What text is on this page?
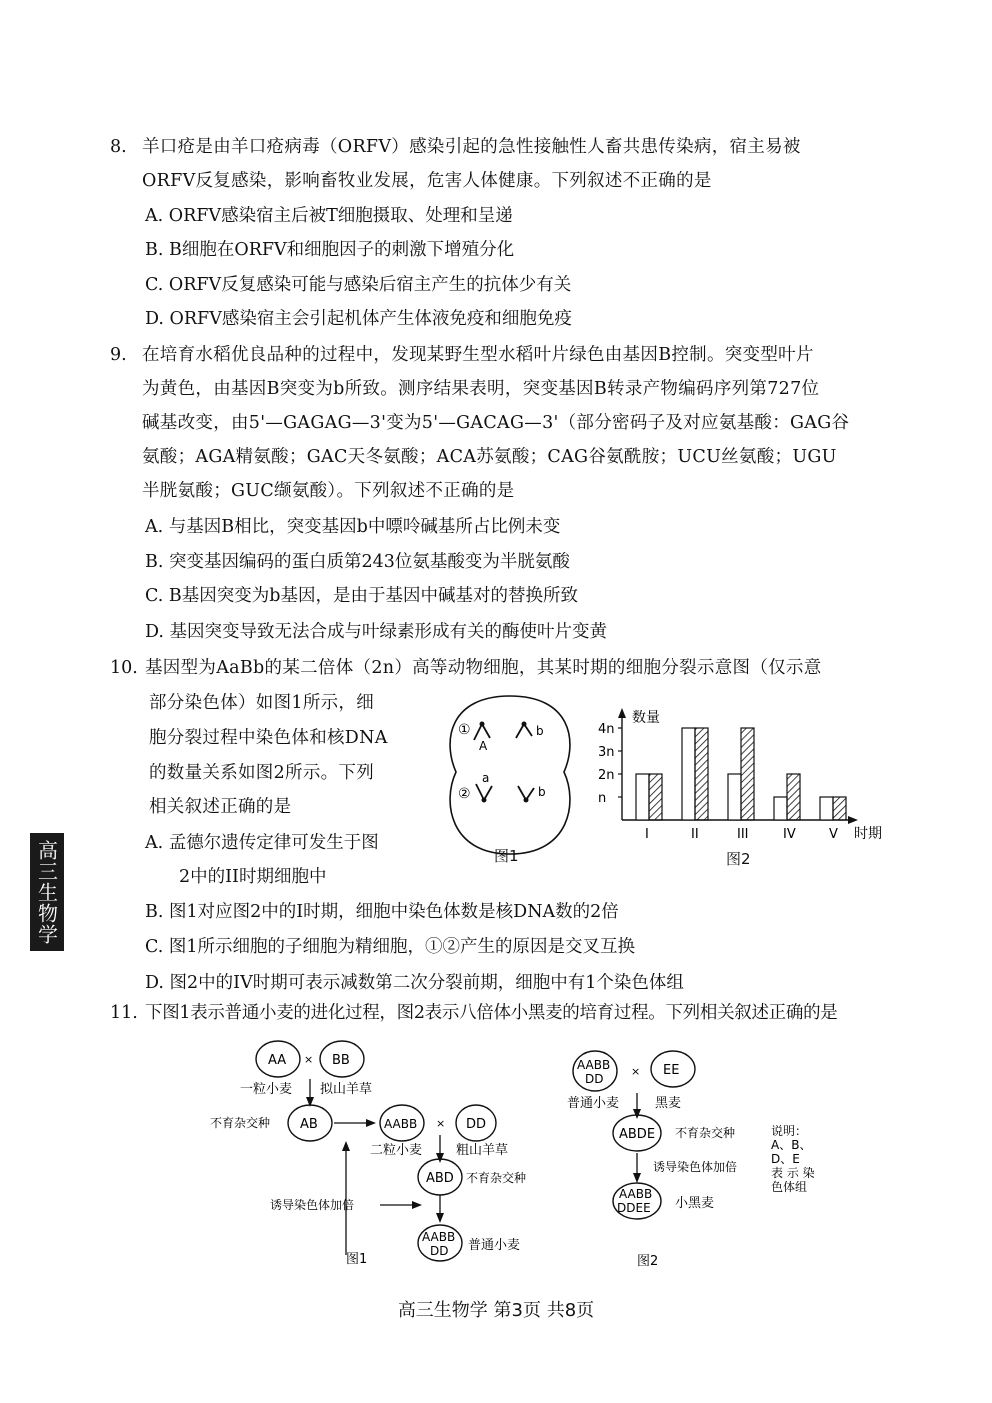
8. 羊口疮是由羊口疮病毒（ORFV）感染引起的急性接触性人畜共患传染病，宿主易被
ORFV反复感染，影响畜牧业发展，危害人体健康。下列叙述不正确的是
A. ORFV感染宿主后被T细胞摄取、处理和呈递
B. B细胞在ORFV和细胞因子的刺激下增殖分化
C. ORFV反复感染可能与感染后宿主产生的抗体少有关
D. ORFV感染宿主会引起机体产生体液免疫和细胞免疫
9. 在培育水稻优良品种的过程中，发现某野生型水稻叶片绿色由基因B控制。突变型叶片
为黄色，由基因B突变为b所致。测序结果表明，突变基因B转录产物编码序列第727位
碱基改变，由5'—GAGAG—3'变为5'—GACAG—3'（部分密码子及对应氨基酸：GAG谷
氨酸；AGA精氨酸；GAC天冬氨酸；ACA苏氨酸；CAG谷氨酰胺；UCU丝氨酸；UGU
半胱氨酸；GUC缬氨酸）。下列叙述不正确的是
A. 与基因B相比，突变基因b中嘌呤碱基所占比例未变
B. 突变基因编码的蛋白质第243位氨基酸变为半胱氨酸
C. B基因突变为b基因，是由于基因中碱基对的替换所致
D. 基因突变导致无法合成与叶绿素形成有关的酶使叶片变黄
10. 基因型为AaBb的某二倍体（2n）高等动物细胞，其某时期的细胞分裂示意图（仅示意
部分染色体）如图1所示，细
胞分裂过程中染色体和核DNA
的数量关系如图2所示。下列
相关叙述正确的是
A. 孟德尔遗传定律可发生于图
2中的II时期细胞中
B. 图1对应图2中的I时期，细胞中染色体数是核DNA数的2倍
C. 图1所示细胞的子细胞为精细胞，①②产生的原因是交叉互换
D. 图2中的IV时期可表示减数第二次分裂前期，细胞中有1个染色体组
①
A
b
②
a
b
图1
数量
时期
n
2n
3n
4n
I	II	III	IV	V
图2
11. 下图1表示普通小麦的进化过程，图2表示八倍体小黑麦的培育过程。下列相关叙述正确的是
AA × BB
一粒小麦 拟山羊草
不育杂交种 AB	AABB × DD
二粒小麦	粗山羊草
ABD 不育杂交种
诱导染色体加倍
AABB
DD 普通小麦
图1
AABB
DD
× EE
普通小麦	黑麦
ABDE 不育杂交种
诱导染色体加倍
AABB
DDEE 小黑麦
说明：
A、B、
D、E
表 示 染
色体组
图2
高三生物学
高三生物学 第3页 共8页
